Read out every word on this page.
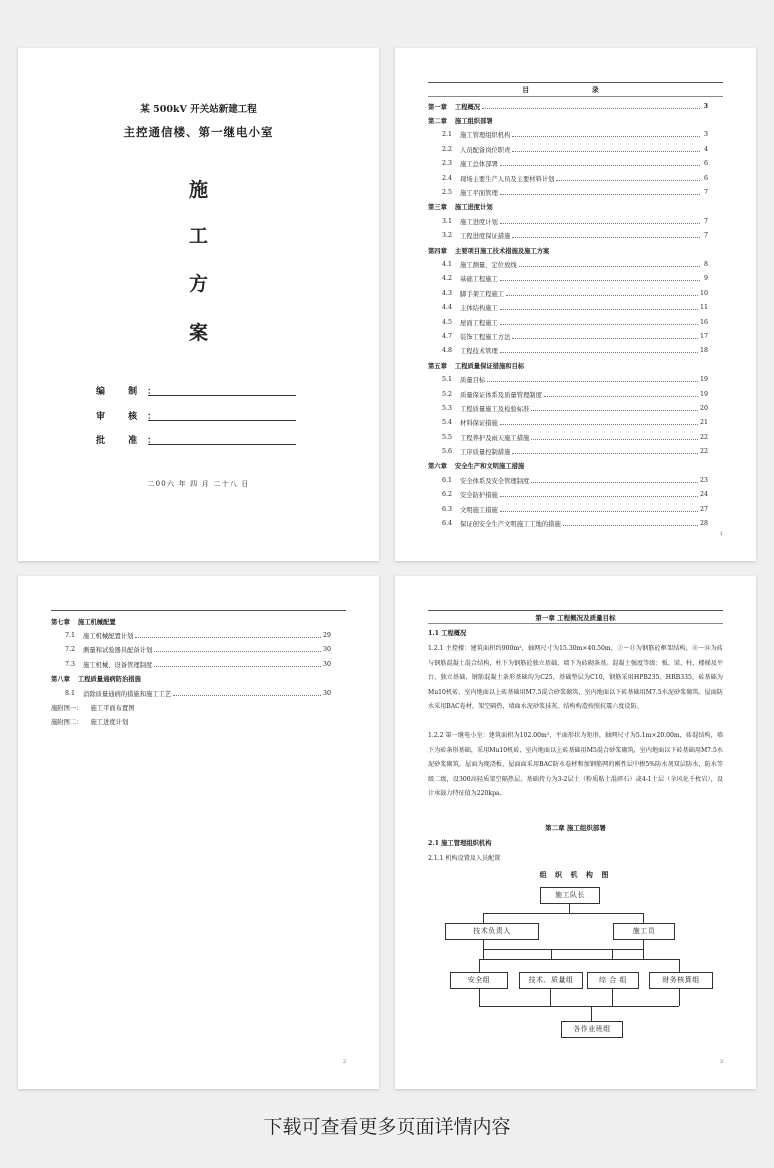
某 500kV 开关站新建工程
主控通信楼、第一继电小室
施
工
方
案
编 制：
审 核：
批 准：
二00六 年 四 月 二十八 日
目 录
第一章 工程概况	3
第二章 施工组织部署
2.1 施工管理组织机构	3
2.2 人员配备岗位职责	4
2.3 施工总体部署	6
2.4 现场主要生产人员及主要材料计划	6
2.5 施工平面管理	7
第三章 施工进度计划
3.1 施工进度计划	7
3.2 工程进度保证措施	7
第四章 主要项目施工技术措施及施工方案
4.1 施工测量、定位放线	8
4.2 基础工程施工	9
4.3 脚手架工程施工	10
4.4 主体结构施工	11
4.5 屋面工程施工	16
4.7 装饰工程施工方法	17
4.8 工程技术管理	18
第五章 工程质量保证措施和目标
5.1 质量目标	19
5.2 质量保证体系及质量管理制度	19
5.3 工程质量施工及检验标准	20
5.4 材料保证措施	21
5.5 工程养护及雨天施工措施	22
5.6 工序质量控制措施	22
第六章 安全生产和文明施工措施
6.1 安全体系及安全管理制度	23
6.2 安全防护措施	24
6.3 文明施工措施	27
6.4 保证创安全生产文明施工工地的措施	28
1
第七章 施工机械配置
7.1 施工机械配置计划	29
7.2 测量和试验器具配备计划	30
7.3 施工机械、设备管理制度	30
第八章 工程质量通病防治措施
8.1 消除质量通病的措施和施工工艺	30
施附图一： 施工平面布置图
施附图二： 施工进度计划
2
第一章 工程概况及质量目标
1.1 工程概况
1.2.1 主控楼：建筑面积约900m²，轴网尺寸为15.30m×40.50m，①～⑪为钢筋砼框架结构，⑪～⑭为砖与钢筋混凝土混合结构，柱下为钢筋砼独立基础，墙下为砖砌条基。混凝土强度等级：板、梁、柱、楼梯及平台、独立基础、钢筋混凝土条形基础均为C25，基础垫层为C10，钢筋采用HPB235、HRB335，砖基础为Mu10机砖，室内地面以上砖基础用M7.5混合砂浆砌筑，室内地面以下砖基础用M7.5水泥砂浆砌筑。屋面防水采用BAC卷材，架空隔热，墙面水泥砂浆抹灰。结构构造按照抗震六度设防。
1.2.2 第一继电小室：建筑面积为102.00m²，平面形状为矩形，轴网尺寸为5.1m×20.00m，砖混结构，墙下为砖条形基础，采用Mu10机砖，室内地面以上砖基础用M5混合砂浆砌筑，室内地面以下砖基础用M7.5水泥砂浆砌筑。屋面为现浇板，屋面面采用BAC防水卷材和加钢筋网的刚性层中掺5%防水剂双层防水，防水等级二级，设300高轻质架空隔热层。基础持力为3-2层土（粉质粘土混碎石）或4-1土层（全风化千枚岩），设计承载力特征值为220kpa。
第二章 施工组织部署
2.1 施工管理组织机构
2.1.1 机构设置及人员配置
组 织 机 构 图
施工队长
技术负责人	施工员
安全组	技术、质量组	综 合 组	财务核算组
各作业班组
3
下载可查看更多页面详情内容
